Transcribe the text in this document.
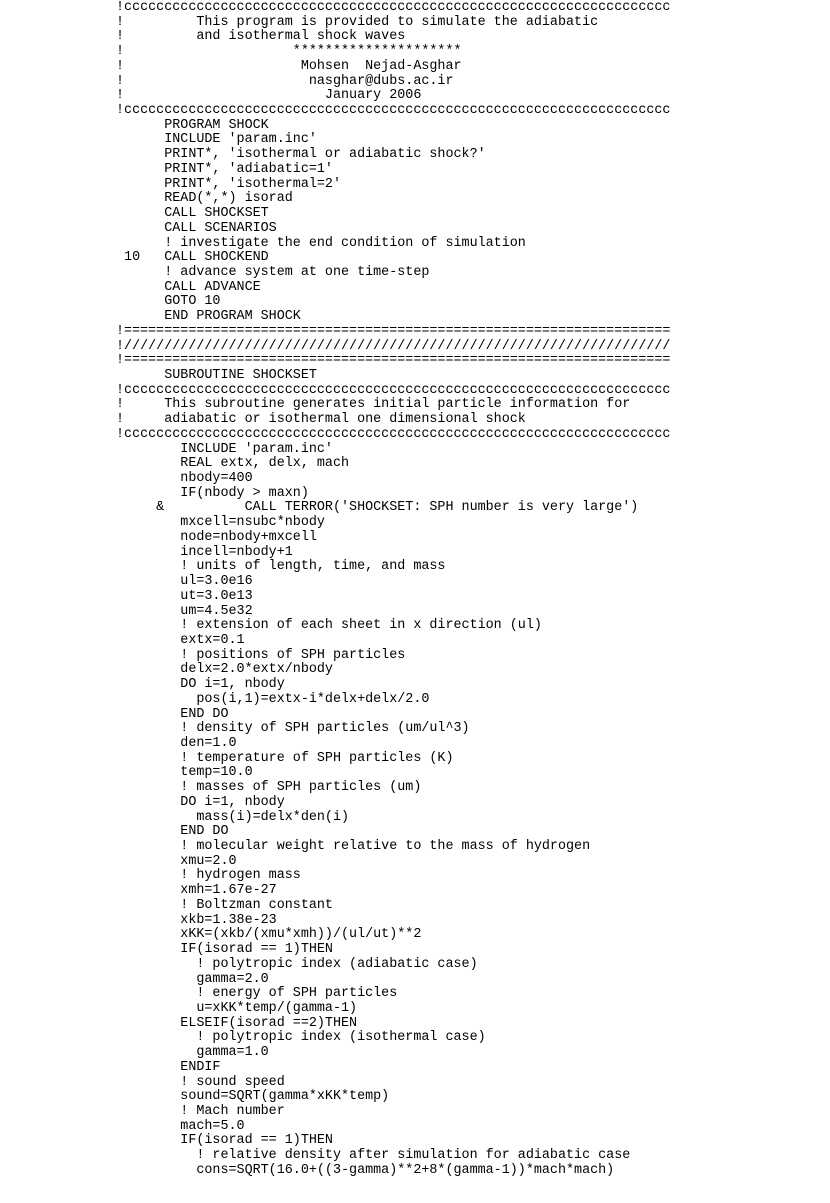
!cccccccccccccccccccccccccccccccccccccccccccccccccccccccccccccccccccc
!         This program is provided to simulate the adiabatic
!         and isothermal shock waves
!                     *********************
!                      Mohsen  Nejad-Asghar
!                       nasghar@dubs.ac.ir
!                         January 2006
!cccccccccccccccccccccccccccccccccccccccccccccccccccccccccccccccccccc
PROGRAM SHOCK
INCLUDE 'param.inc'
PRINT*, 'isothermal or adiabatic shock?'
PRINT*, 'adiabatic=1'
PRINT*, 'isothermal=2'
READ(*,*) isorad
CALL SHOCKSET
CALL SCENARIOS
! investigate the end condition of simulation
10   CALL SHOCKEND
! advance system at one time-step
CALL ADVANCE
GOTO 10
END PROGRAM SHOCK
!====================================================================
!////////////////////////////////////////////////////////////////////
!====================================================================
SUBROUTINE SHOCKSET
!cccccccccccccccccccccccccccccccccccccccccccccccccccccccccccccccccccc
!     This subroutine generates initial particle information for
!     adiabatic or isothermal one dimensional shock
!cccccccccccccccccccccccccccccccccccccccccccccccccccccccccccccccccccc
INCLUDE 'param.inc'
REAL extx, delx, mach
nbody=400
IF(nbody > maxn)
&          CALL TERROR('SHOCKSET: SPH number is very large')
mxcell=nsubc*nbody
node=nbody+mxcell
incell=nbody+1
! units of length, time, and mass
ul=3.0e16
ut=3.0e13
um=4.5e32
! extension of each sheet in x direction (ul)
extx=0.1
! positions of SPH particles
delx=2.0*extx/nbody
DO i=1, nbody
pos(i,1)=extx-i*delx+delx/2.0
END DO
! density of SPH particles (um/ul^3)
den=1.0
! temperature of SPH particles (K)
temp=10.0
! masses of SPH particles (um)
DO i=1, nbody
mass(i)=delx*den(i)
END DO
! molecular weight relative to the mass of hydrogen
xmu=2.0
! hydrogen mass
xmh=1.67e-27
! Boltzman constant
xkb=1.38e-23
xKK=(xkb/(xmu*xmh))/(ul/ut)**2
IF(isorad == 1)THEN
! polytropic index (adiabatic case)
gamma=2.0
! energy of SPH particles
u=xKK*temp/(gamma-1)
ELSEIF(isorad ==2)THEN
! polytropic index (isothermal case)
gamma=1.0
ENDIF
! sound speed
sound=SQRT(gamma*xKK*temp)
! Mach number
mach=5.0
IF(isorad == 1)THEN
! relative density after simulation for adiabatic case
cons=SQRT(16.0+((3-gamma)**2+8*(gamma-1))*mach*mach)
